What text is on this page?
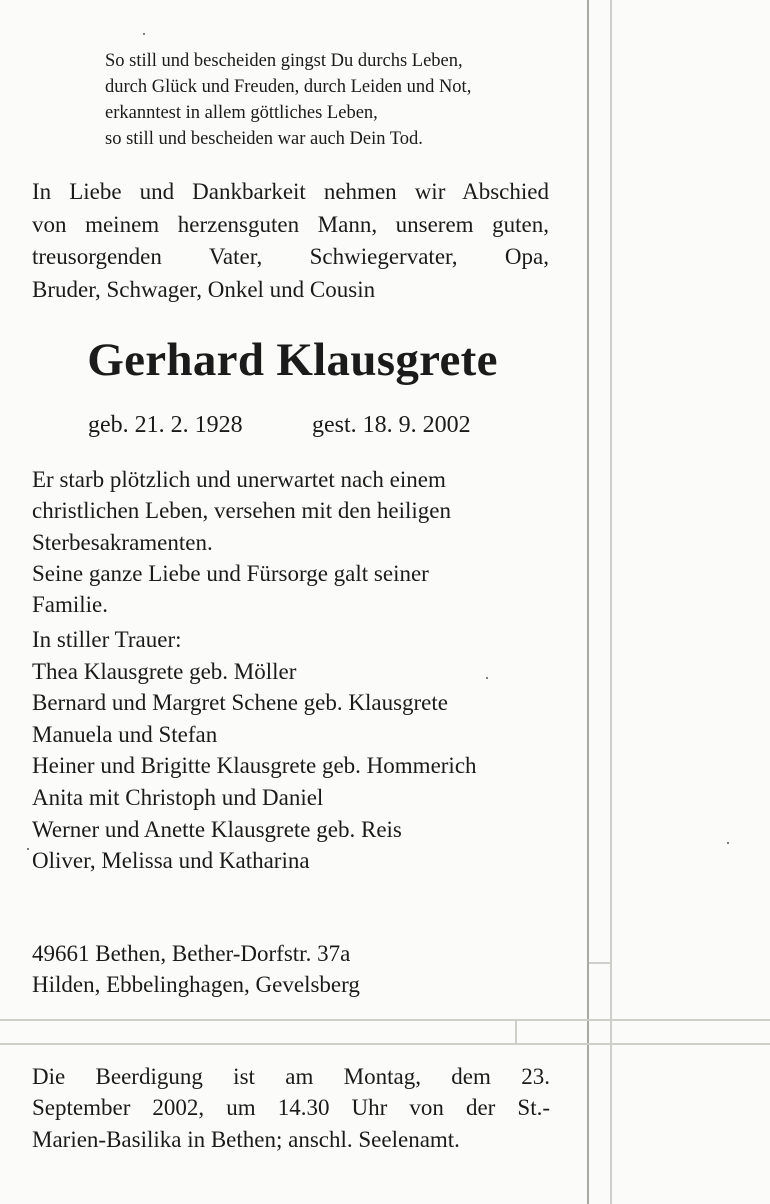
So still und bescheiden gingst Du durchs Leben,
durch Glück und Freuden, durch Leiden und Not,
erkanntest in allem göttliches Leben,
so still und bescheiden war auch Dein Tod.
In Liebe und Dankbarkeit nehmen wir Abschied
von meinem herzensguten Mann, unserem guten,
treusorgenden Vater, Schwiegervater, Opa,
Bruder, Schwager, Onkel und Cousin
Gerhard Klausgrete
geb. 21. 2. 1928	gest. 18. 9. 2002
Er starb plötzlich und unerwartet nach einem
christlichen Leben, versehen mit den heiligen
Sterbesakramenten.
Seine ganze Liebe und Fürsorge galt seiner
Familie.
In stiller Trauer:
Thea Klausgrete geb. Möller
Bernard und Margret Schene geb. Klausgrete
Manuela und Stefan
Heiner und Brigitte Klausgrete geb. Hommerich
Anita mit Christoph und Daniel
Werner und Anette Klausgrete geb. Reis
Oliver, Melissa und Katharina
49661 Bethen, Bether-Dorfstr. 37a
Hilden, Ebbelinghagen, Gevelsberg
Die Beerdigung ist am Montag, dem 23.
September 2002, um 14.30 Uhr von der St.-
Marien-Basilika in Bethen; anschl. Seelenamt.
